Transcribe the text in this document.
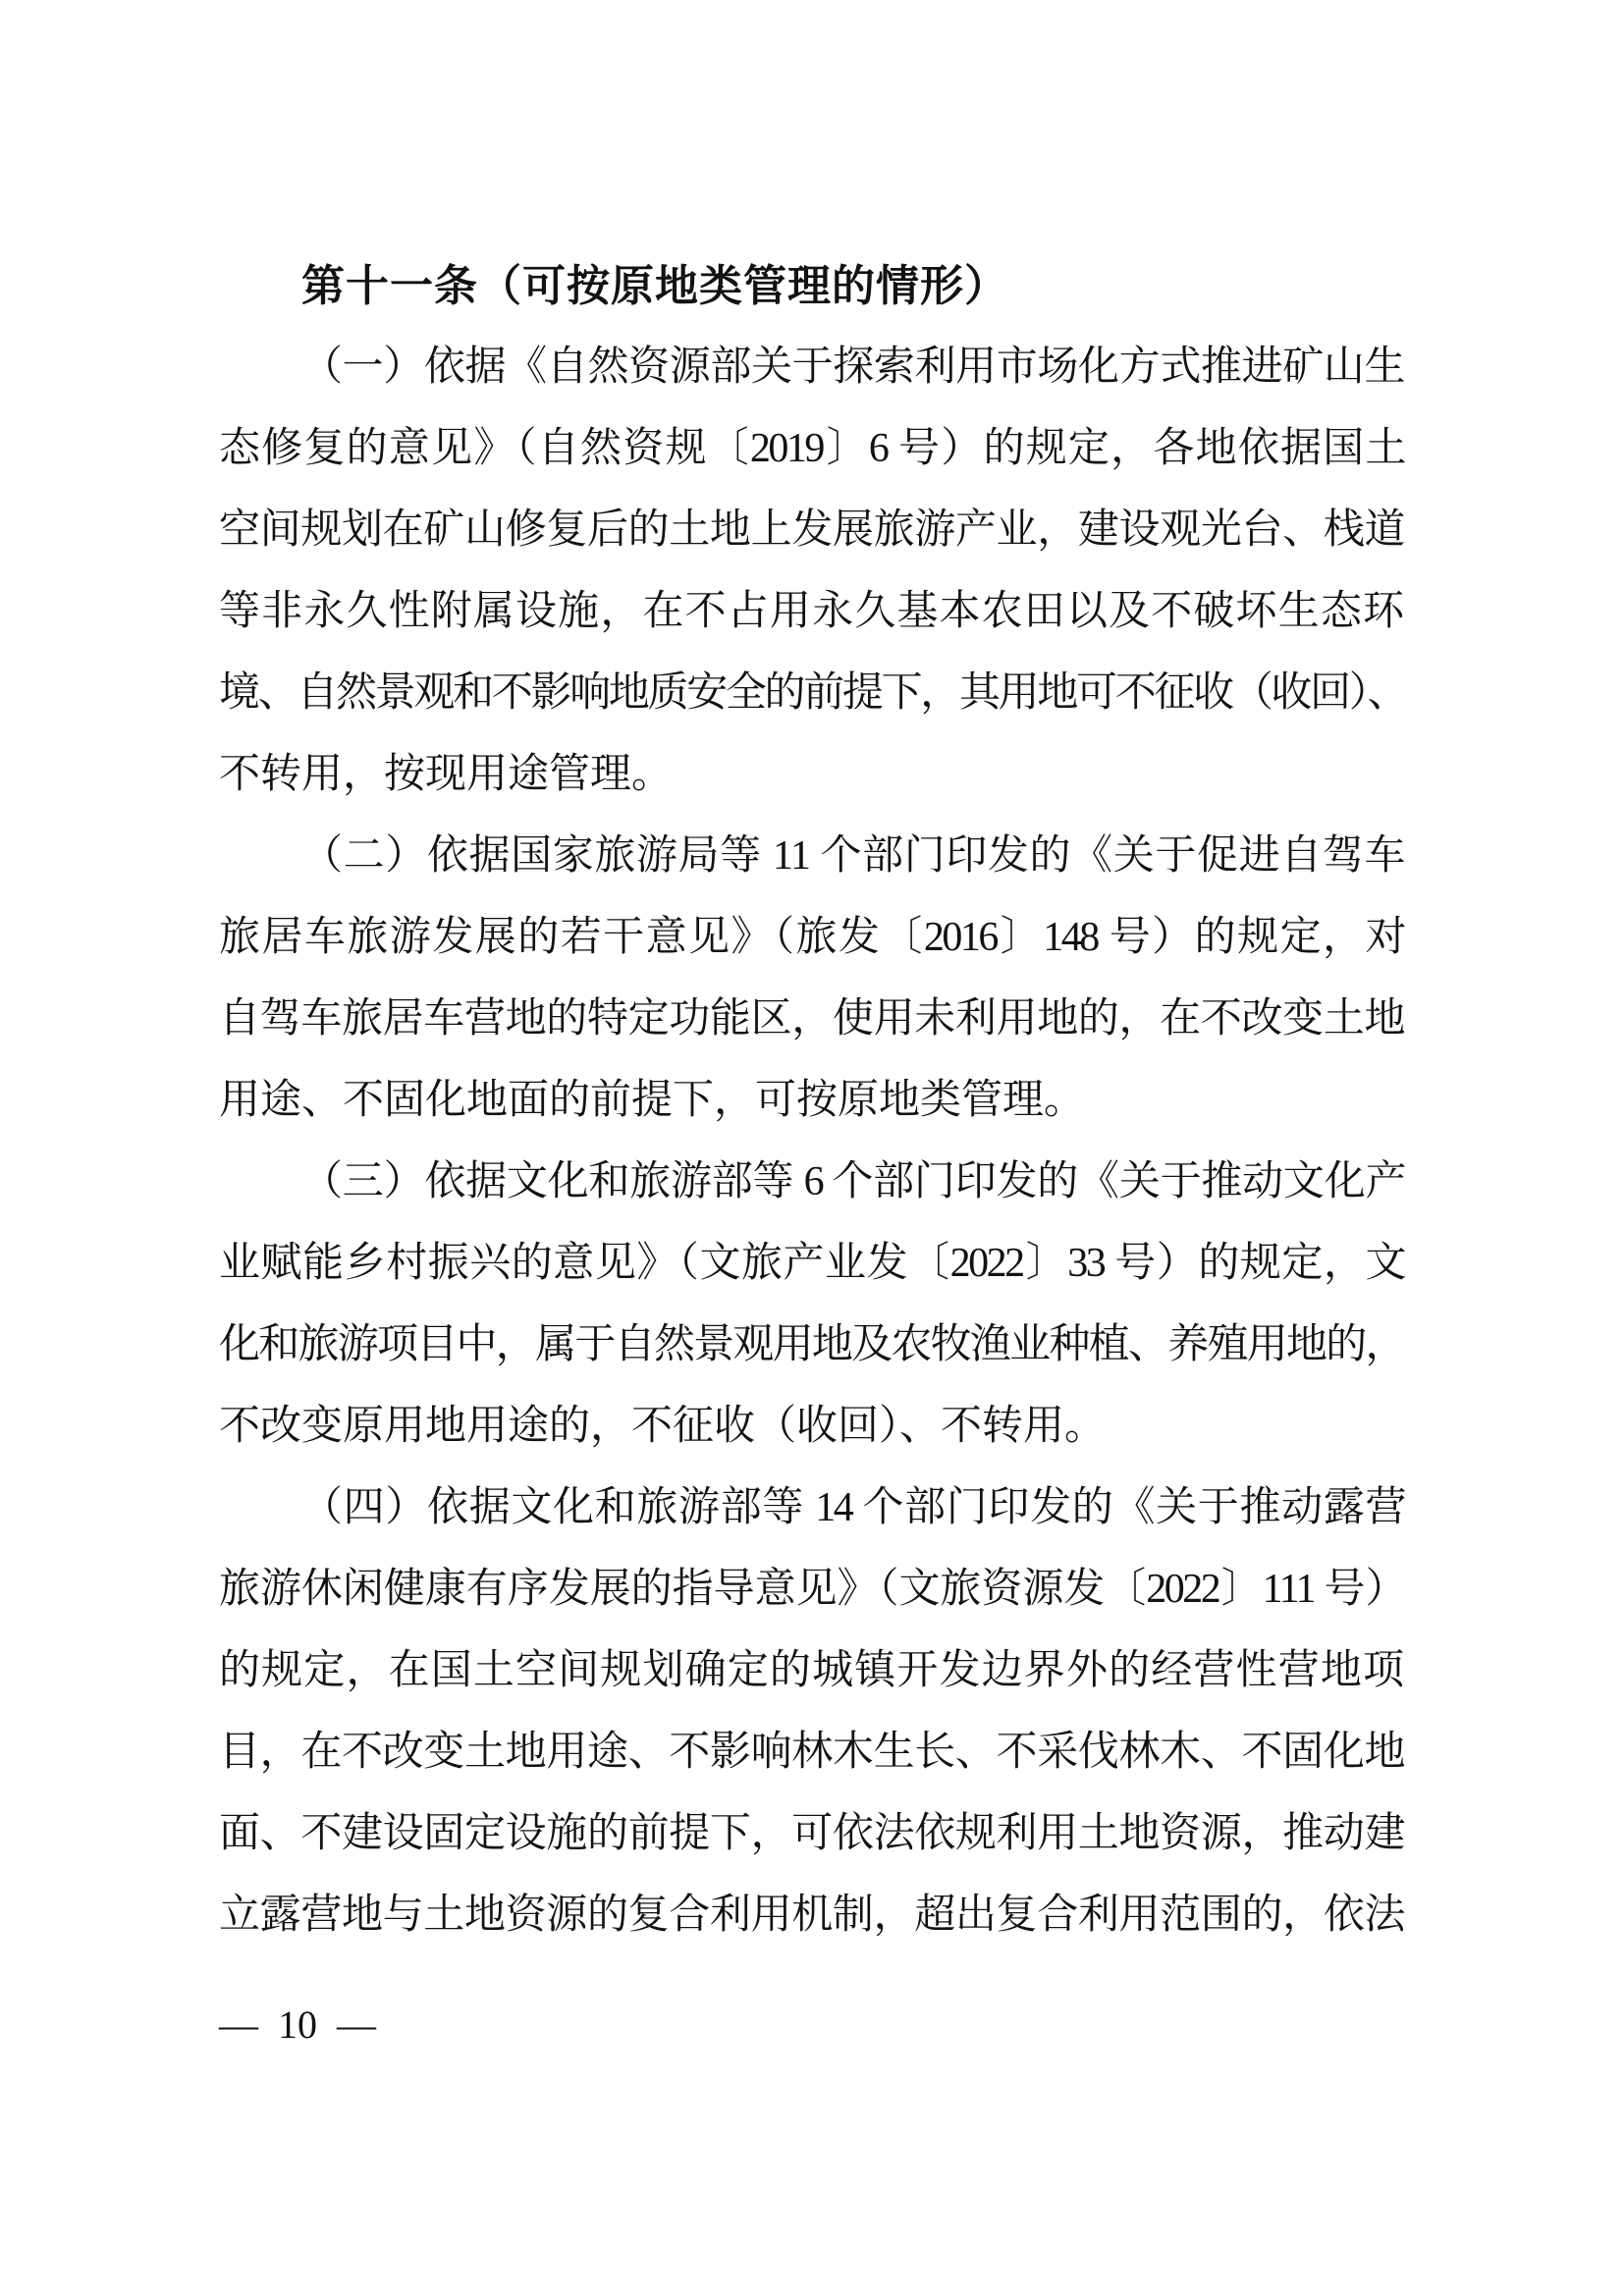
第十一条（可按原地类管理的情形）
（一）依据《自然资源部关于探索利用市场化方式推进矿山生
态修复的意见》（自然资规〔2019〕6 号）的规定，各地依据国土
空间规划在矿山修复后的土地上发展旅游产业，建设观光台、栈道
等非永久性附属设施，在不占用永久基本农田以及不破坏生态环
境、自然景观和不影响地质安全的前提下，其用地可不征收（收回）、
不转用，按现用途管理。
（二）依据国家旅游局等 11 个部门印发的《关于促进自驾车
旅居车旅游发展的若干意见》（旅发〔2016〕148 号）的规定，对
自驾车旅居车营地的特定功能区，使用未利用地的，在不改变土地
用途、不固化地面的前提下，可按原地类管理。
（三）依据文化和旅游部等 6 个部门印发的《关于推动文化产
业赋能乡村振兴的意见》（文旅产业发〔2022〕33 号）的规定，文
化和旅游项目中，属于自然景观用地及农牧渔业种植、养殖用地的，
不改变原用地用途的，不征收（收回）、不转用。
（四）依据文化和旅游部等 14 个部门印发的《关于推动露营
旅游休闲健康有序发展的指导意见》（文旅资源发〔2022〕111 号）
的规定，在国土空间规划确定的城镇开发边界外的经营性营地项
目，在不改变土地用途、不影响林木生长、不采伐林木、不固化地
面、不建设固定设施的前提下，可依法依规利用土地资源，推动建
立露营地与土地资源的复合利用机制，超出复合利用范围的，依法
— 10 —
